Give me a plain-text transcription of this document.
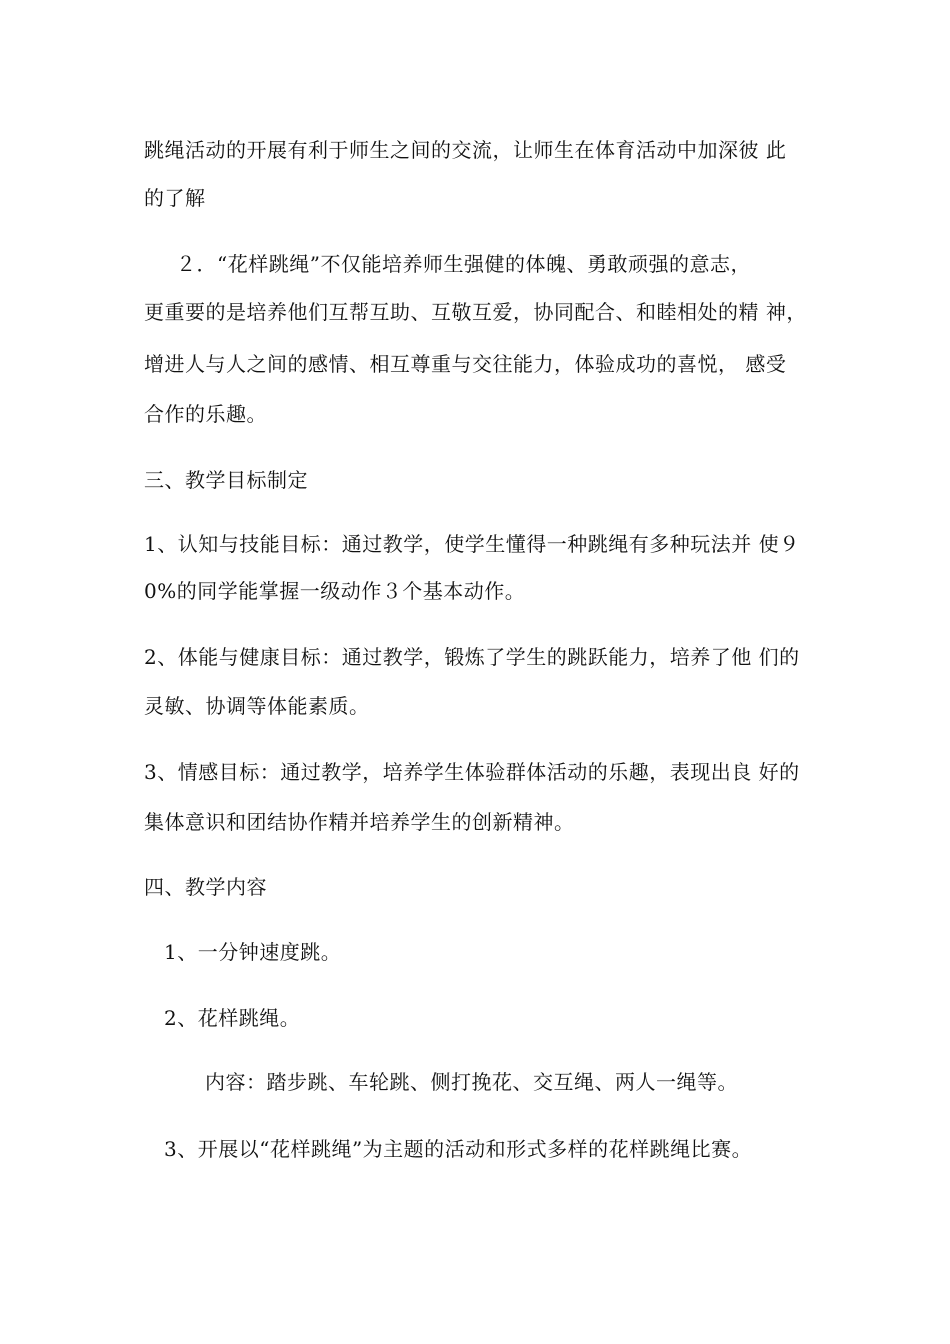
跳绳活动的开展有利于师生之间的交流，让师生在体育活动中加深彼 此
的了解
２．“花样跳绳”不仅能培养师生强健的体魄、勇敢顽强的意志，
更重要的是培养他们互帮互助、互敬互爱，协同配合、和睦相处的精 神，
增进人与人之间的感情、相互尊重与交往能力，体验成功的喜悦， 感受
合作的乐趣。
三、教学目标制定
1、认知与技能目标：通过教学，使学生懂得一种跳绳有多种玩法并 使９
0%的同学能掌握一级动作３个基本动作。
2、体能与健康目标：通过教学，锻炼了学生的跳跃能力，培养了他 们的
灵敏、协调等体能素质。
3、情感目标：通过教学，培养学生体验群体活动的乐趣，表现出良 好的
集体意识和团结协作精并培养学生的创新精神。
四、教学内容
1、一分钟速度跳。
2、花样跳绳。
内容：踏步跳、车轮跳、侧打挽花、交互绳、两人一绳等。
3、开展以“花样跳绳”为主题的活动和形式多样的花样跳绳比赛。
